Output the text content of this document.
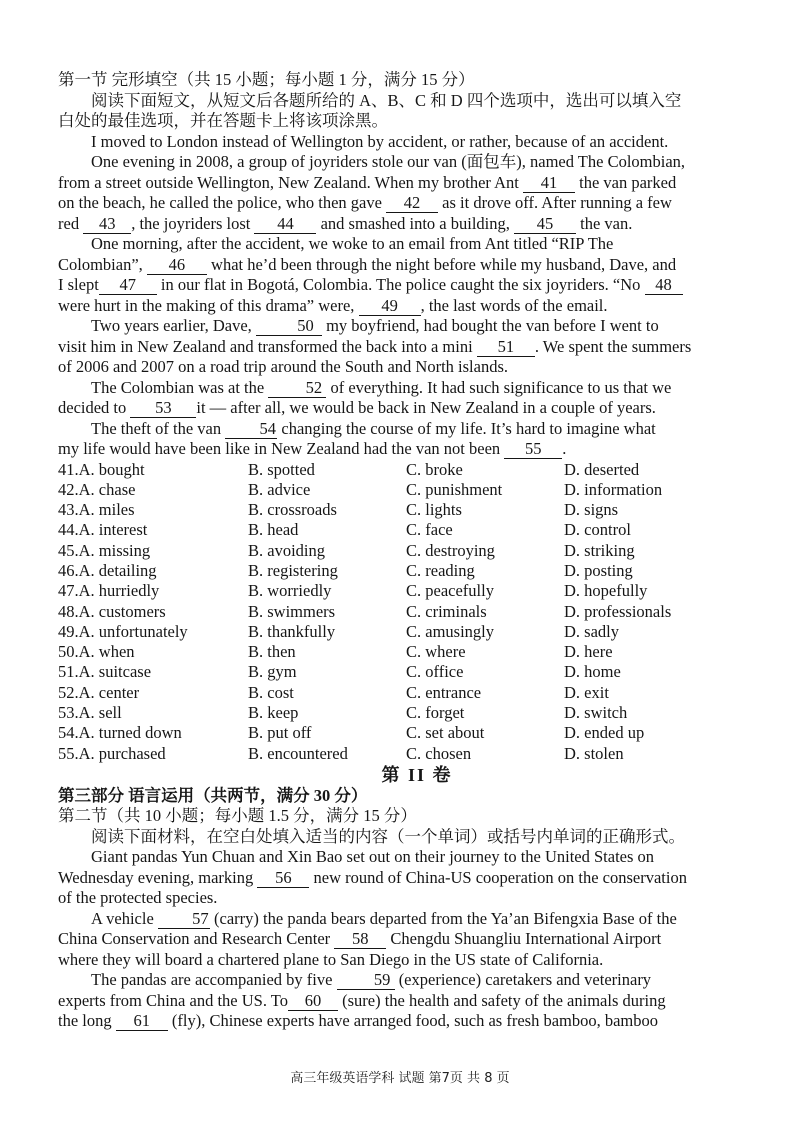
第一节 完形填空（共 15 小题；每小题 1 分，满分 15 分）
阅读下面短文，从短文后各题所给的 A、B、C 和 D 四个选项中，选出可以填入空
白处的最佳选项，并在答题卡上将该项涂黑。
I moved to London instead of Wellington by accident, or rather, because of an accident.
One evening in 2008, a group of joyriders stole our van (面包车), named The Colombian,
from a street outside Wellington, New Zealand. When my brother Ant 41 the van parked
on the beach, he called the police, who then gave 42 as it drove off. After running a few
red 43 , the joyriders lost 44 and smashed into a building, 45 the van.
One morning, after the accident, we woke to an email from Ant titled “RIP The
Colombian”, 46 what he’d been through the night before while my husband, Dave, and
I slept 47 in our flat in Bogotá, Colombia. The police caught the six joyriders. “No 48
were hurt in the making of this drama” were, 49 , the last words of the email.
Two years earlier, Dave,	50 my boyfriend, had bought the van before I went to
visit him in New Zealand and transformed the back into a mini 51 . We spent the summers
of 2006 and 2007 on a road trip around the South and North islands.
The Colombian was at the	52 of everything. It had such significance to us that we
decided to 53 it — after all, we would be back in New Zealand in a couple of years.
The theft of the van 54 changing the course of my life. It’s hard to imagine what
my life would have been like in New Zealand had the van not been 55 .
41.A. bought	B. spotted	C. broke	D. deserted
42.A. chase	B. advice	C. punishment	D. information
43.A. miles	B. crossroads	C. lights	D. signs
44.A. interest	B. head	C. face	D. control
45.A. missing	B. avoiding	C. destroying	D. striking
46.A. detailing	B. registering	C. reading	D. posting
47.A. hurriedly	B. worriedly	C. peacefully	D. hopefully
48.A. customers	B. swimmers	C. criminals	D. professionals
49.A. unfortunately	B. thankfully	C. amusingly	D. sadly
50.A. when	B. then	C. where	D. here
51.A. suitcase	B. gym	C. office	D. home
52.A. center	B. cost	C. entrance	D. exit
53.A. sell	B. keep	C. forget	D. switch
54.A. turned down	B. put off	C. set about	D. ended up
55.A. purchased	B. encountered	C. chosen	D. stolen
第 II 卷
第三部分 语言运用（共两节，满分 30 分）
第二节（共 10 小题；每小题 1.5 分，满分 15 分）
阅读下面材料，在空白处填入适当的内容（一个单词）或括号内单词的正确形式。
Giant pandas Yun Chuan and Xin Bao set out on their journey to the United States on
Wednesday evening, marking 56 new round of China-US cooperation on the conservation
of the protected species.
A vehicle 57 (carry) the panda bears departed from the Ya’an Bifengxia Base of the
China Conservation and Research Center 58 Chengdu Shuangliu International Airport
where they will board a chartered plane to San Diego in the US state of California.
The pandas are accompanied by five	59 (experience) caretakers and veterinary
experts from China and the US. To 60 (sure) the health and safety of the animals during
the long 61 (fly), Chinese experts have arranged food, such as fresh bamboo, bamboo
高三年级英语学科 试题 第7页 共 8 页
